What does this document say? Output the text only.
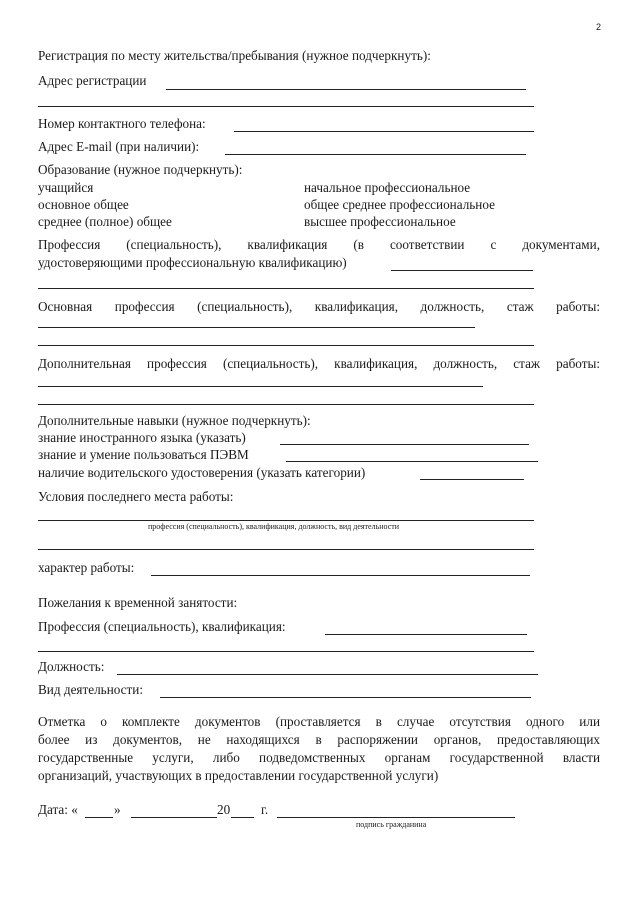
2
Регистрация по месту жительства/пребывания (нужное подчеркнуть):
Адрес регистрации
Номер контактного телефона:
Адрес E-mail (при наличии):
Образование (нужное подчеркнуть):
учащийся
основное общее
среднее (полное) общее
начальное профессиональное
общее среднее профессиональное
высшее профессиональное
Профессия (специальность), квалификация (в соответствии с документами,
удостоверяющими профессиональную квалификацию)
Основная профессия (специальность), квалификация, должность, стаж работы:
Дополнительная профессия (специальность), квалификация, должность, стаж работы:
Дополнительные навыки (нужное подчеркнуть):
знание иностранного языка (указать)
знание и умение пользоваться ПЭВМ
наличие водительского удостоверения (указать категории)
Условия последнего места работы:
профессия (специальность), квалификация, должность, вид деятельности
характер работы:
Пожелания к временной занятости:
Профессия (специальность), квалификация:
Должность:
Вид деятельности:
Отметка о комплекте документов (проставляется в случае отсутствия одного или
более из документов, не находящихся в распоряжении органов, предоставляющих
государственные услуги, либо подведомственных органам государственной власти
организаций, участвующих в предоставлении государственной услуги)
Дата: «	»	20 г.
подпись гражданина
